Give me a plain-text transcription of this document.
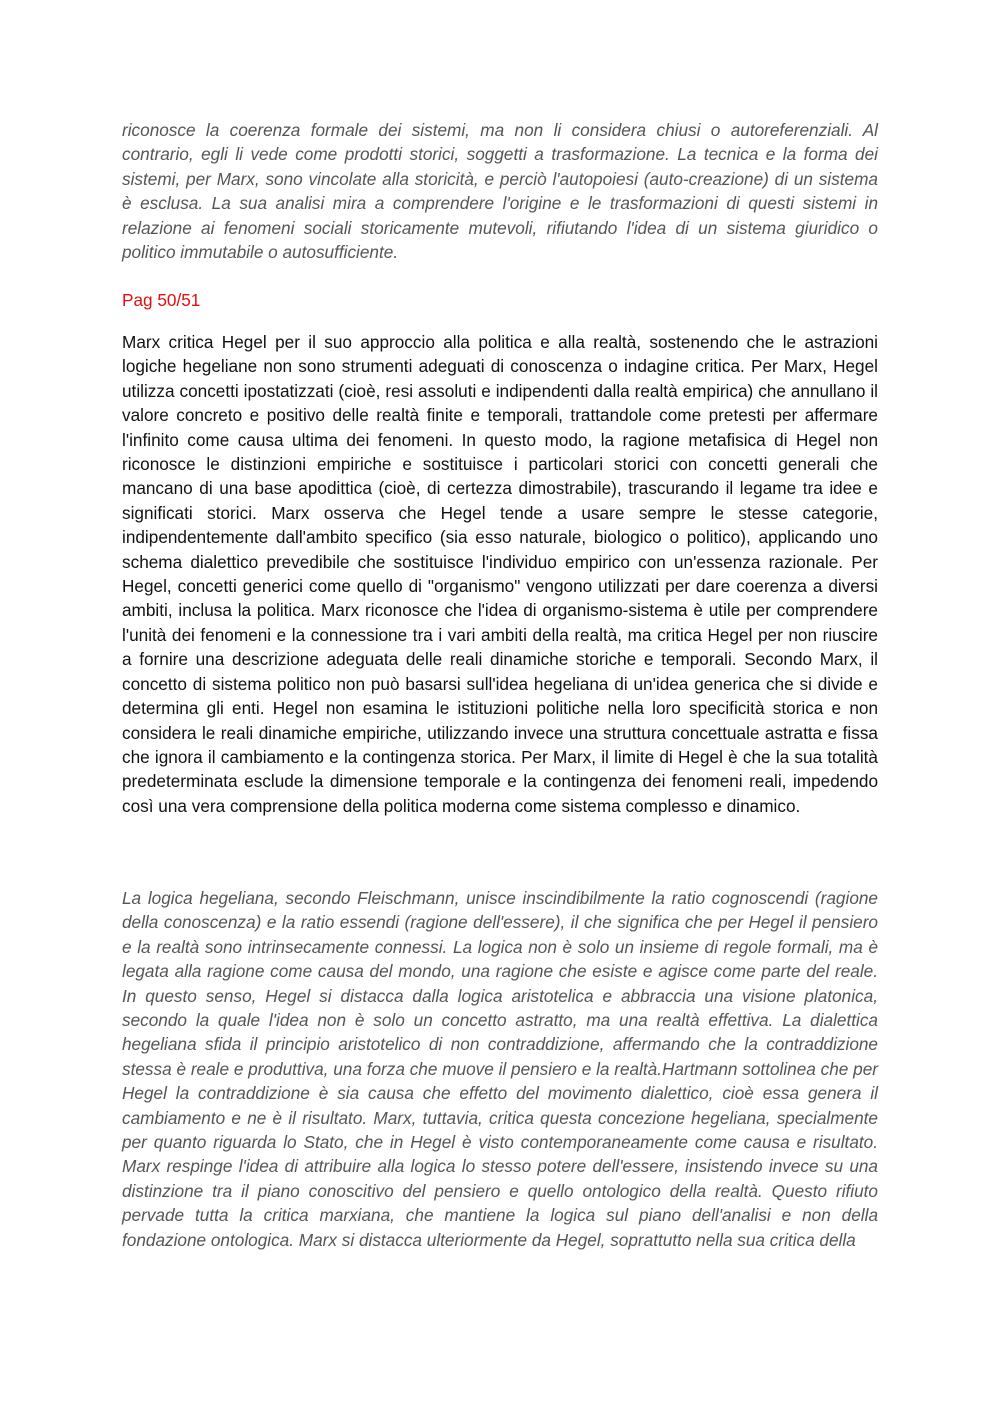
riconosce la coerenza formale dei sistemi, ma non li considera chiusi o autoreferenziali. Al contrario, egli li vede come prodotti storici, soggetti a trasformazione. La tecnica e la forma dei sistemi, per Marx, sono vincolate alla storicità, e perciò l'autopoiesi (auto-creazione) di un sistema è esclusa. La sua analisi mira a comprendere l'origine e le trasformazioni di questi sistemi in relazione ai fenomeni sociali storicamente mutevoli, rifiutando l'idea di un sistema giuridico o politico immutabile o autosufficiente.

Pag 50/51

Marx critica Hegel per il suo approccio alla politica e alla realtà, sostenendo che le astrazioni logiche hegeliane non sono strumenti adeguati di conoscenza o indagine critica. Per Marx, Hegel utilizza concetti ipostatizzati (cioè, resi assoluti e indipendenti dalla realtà empirica) che annullano il valore concreto e positivo delle realtà finite e temporali, trattandole come pretesti per affermare l'infinito come causa ultima dei fenomeni. In questo modo, la ragione metafisica di Hegel non riconosce le distinzioni empiriche e sostituisce i particolari storici con concetti generali che mancano di una base apodittica (cioè, di certezza dimostrabile), trascurando il legame tra idee e significati storici. Marx osserva che Hegel tende a usare sempre le stesse categorie, indipendentemente dall'ambito specifico (sia esso naturale, biologico o politico), applicando uno schema dialettico prevedibile che sostituisce l'individuo empirico con un'essenza razionale. Per Hegel, concetti generici come quello di "organismo" vengono utilizzati per dare coerenza a diversi ambiti, inclusa la politica. Marx riconosce che l'idea di organismo-sistema è utile per comprendere l'unità dei fenomeni e la connessione tra i vari ambiti della realtà, ma critica Hegel per non riuscire a fornire una descrizione adeguata delle reali dinamiche storiche e temporali. Secondo Marx, il concetto di sistema politico non può basarsi sull'idea hegeliana di un'idea generica che si divide e determina gli enti. Hegel non esamina le istituzioni politiche nella loro specificità storica e non considera le reali dinamiche empiriche, utilizzando invece una struttura concettuale astratta e fissa che ignora il cambiamento e la contingenza storica. Per Marx, il limite di Hegel è che la sua totalità predeterminata esclude la dimensione temporale e la contingenza dei fenomeni reali, impedendo così una vera comprensione della politica moderna come sistema complesso e dinamico.

La logica hegeliana, secondo Fleischmann, unisce inscindibilmente la ratio cognoscendi (ragione della conoscenza) e la ratio essendi (ragione dell'essere), il che significa che per Hegel il pensiero e la realtà sono intrinsecamente connessi. La logica non è solo un insieme di regole formali, ma è legata alla ragione come causa del mondo, una ragione che esiste e agisce come parte del reale. In questo senso, Hegel si distacca dalla logica aristotelica e abbraccia una visione platonica, secondo la quale l'idea non è solo un concetto astratto, ma una realtà effettiva. La dialettica hegeliana sfida il principio aristotelico di non contraddizione, affermando che la contraddizione stessa è reale e produttiva, una forza che muove il pensiero e la realtà.Hartmann sottolinea che per Hegel la contraddizione è sia causa che effetto del movimento dialettico, cioè essa genera il cambiamento e ne è il risultato. Marx, tuttavia, critica questa concezione hegeliana, specialmente per quanto riguarda lo Stato, che in Hegel è visto contemporaneamente come causa e risultato. Marx respinge l'idea di attribuire alla logica lo stesso potere dell'essere, insistendo invece su una distinzione tra il piano conoscitivo del pensiero e quello ontologico della realtà. Questo rifiuto pervade tutta la critica marxiana, che mantiene la logica sul piano dell'analisi e non della fondazione ontologica. Marx si distacca ulteriormente da Hegel, soprattutto nella sua critica della
